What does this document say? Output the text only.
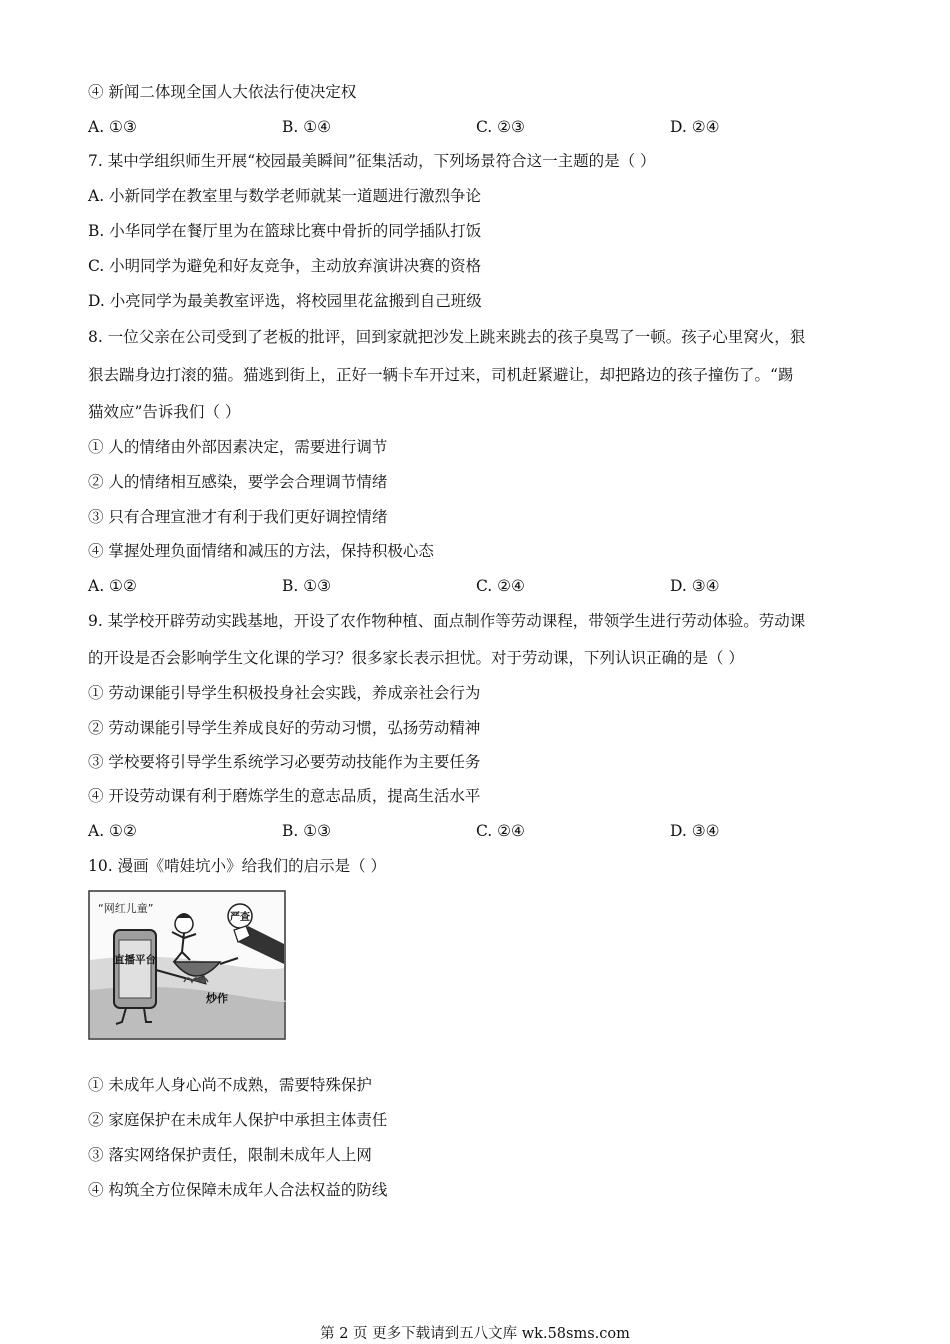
④ 新闻二体现全国人大依法行使决定权
A. ①③	B. ①④	C. ②③	D. ②④
7. 某中学组织师生开展“校园最美瞬间”征集活动，下列场景符合这一主题的是（ ）
A. 小新同学在教室里与数学老师就某一道题进行激烈争论
B. 小华同学在餐厅里为在篮球比赛中骨折的同学插队打饭
C. 小明同学为避免和好友竞争，主动放弃演讲决赛的资格
D. 小亮同学为最美教室评选，将校园里花盆搬到自己班级
8. 一位父亲在公司受到了老板的批评，回到家就把沙发上跳来跳去的孩子臭骂了一顿。孩子心里窝火，狠
狠去踹身边打滚的猫。猫逃到街上，正好一辆卡车开过来，司机赶紧避让，却把路边的孩子撞伤了。“踢
猫效应”告诉我们（ ）
① 人的情绪由外部因素决定，需要进行调节
② 人的情绪相互感染，要学会合理调节情绪
③ 只有合理宣泄才有利于我们更好调控情绪
④ 掌握处理负面情绪和减压的方法，保持积极心态
A. ①②	B. ①③	C. ②④	D. ③④
9. 某学校开辟劳动实践基地，开设了农作物种植、面点制作等劳动课程，带领学生进行劳动体验。劳动课
的开设是否会影响学生文化课的学习？很多家长表示担忧。对于劳动课，下列认识正确的是（ ）
① 劳动课能引导学生积极投身社会实践，养成亲社会行为
② 劳动课能引导学生养成良好的劳动习惯，弘扬劳动精神
③ 学校要将引导学生系统学习必要劳动技能作为主要任务
④ 开设劳动课有利于磨炼学生的意志品质，提高生活水平
A. ①②	B. ①③	C. ②④	D. ③④
10. 漫画《啃娃坑小》给我们的启示是（ ）
“网红儿童”
直播平台
炒作
严查
① 未成年人身心尚不成熟，需要特殊保护
② 家庭保护在未成年人保护中承担主体责任
③ 落实网络保护责任，限制未成年人上网
④ 构筑全方位保障未成年人合法权益的防线
第 2 页 更多下载请到五八文库 wk.58sms.com
